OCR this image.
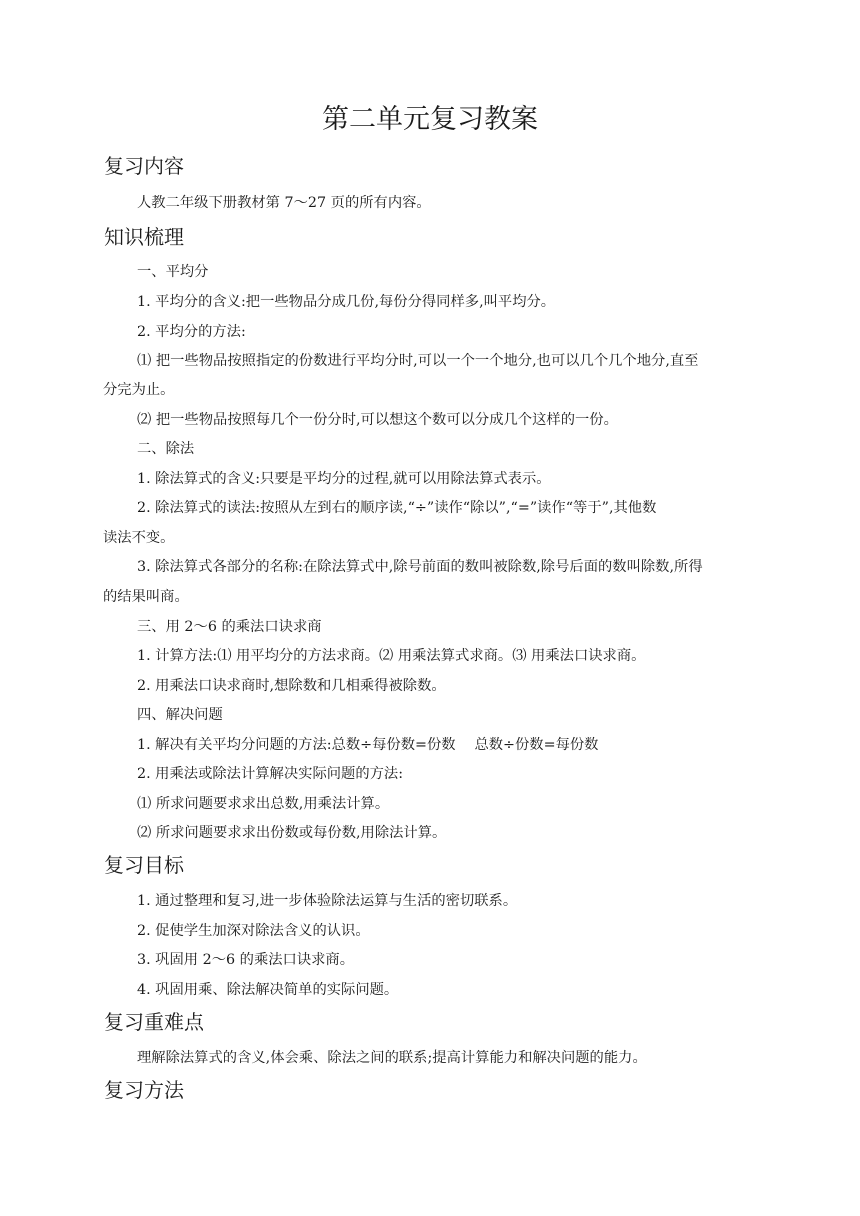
第二单元复习教案
复习内容
人教二年级下册教材第 7～27 页的所有内容。
知识梳理
一、平均分
1. 平均分的含义:把一些物品分成几份,每份分得同样多,叫平均分。
2. 平均分的方法:
⑴ 把一些物品按照指定的份数进行平均分时,可以一个一个地分,也可以几个几个地分,直至
分完为止。
⑵ 把一些物品按照每几个一份分时,可以想这个数可以分成几个这样的一份。
二、除法
1. 除法算式的含义:只要是平均分的过程,就可以用除法算式表示。
2. 除法算式的读法:按照从左到右的顺序读,“÷”读作“除以”,“=”读作“等于”,其他数
读法不变。
3. 除法算式各部分的名称:在除法算式中,除号前面的数叫被除数,除号后面的数叫除数,所得
的结果叫商。
三、用 2～6 的乘法口诀求商
1. 计算方法:⑴ 用平均分的方法求商。⑵ 用乘法算式求商。⑶ 用乘法口诀求商。
2. 用乘法口诀求商时,想除数和几相乘得被除数。
四、解决问题
1. 解决有关平均分问题的方法:总数÷每份数=份数　 总数÷份数=每份数
2. 用乘法或除法计算解决实际问题的方法:
⑴ 所求问题要求求出总数,用乘法计算。
⑵ 所求问题要求求出份数或每份数,用除法计算。
复习目标
1. 通过整理和复习,进一步体验除法运算与生活的密切联系。
2. 促使学生加深对除法含义的认识。
3. 巩固用 2～6 的乘法口诀求商。
4. 巩固用乘、除法解决简单的实际问题。
复习重难点
理解除法算式的含义,体会乘、除法之间的联系;提高计算能力和解决问题的能力。
复习方法
